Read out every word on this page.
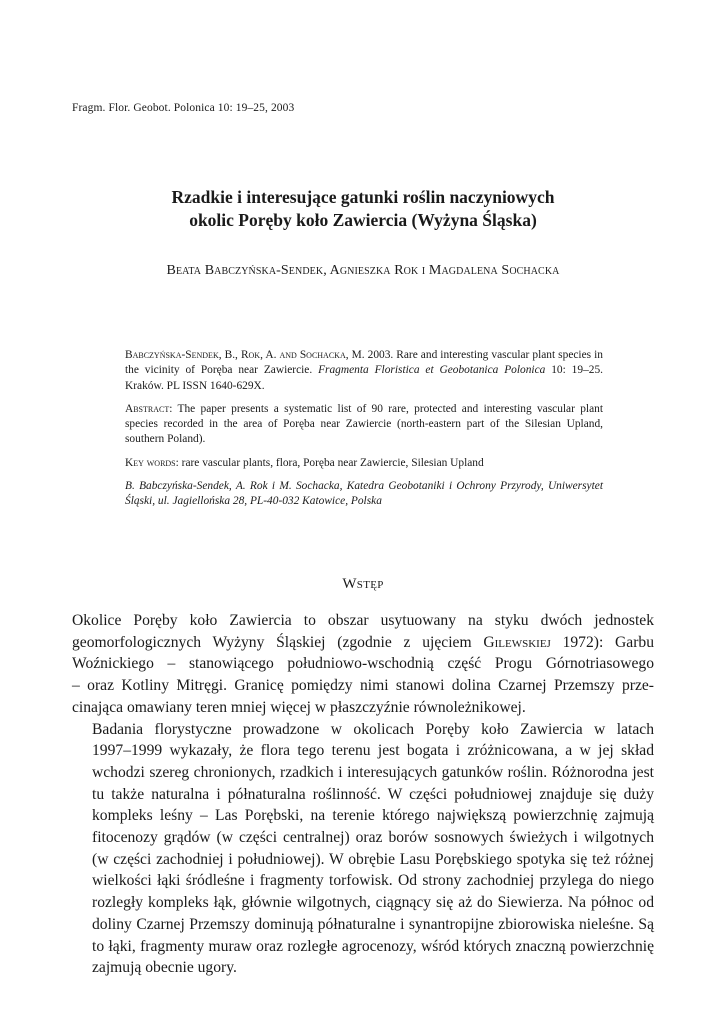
Fragm. Flor. Geobot. Polonica 10: 19–25, 2003
Rzadkie i interesujące gatunki roślin naczyniowych
okolic Poręby koło Zawiercia (Wyżyna Śląska)
Beata Babczyńska-Sendek, Agnieszka Rok i Magdalena Sochacka

Babczyńska-Sendek, B., Rok, A. and Sochacka, M. 2003. Rare and interesting vascular plant species in the vicinity of Poręba near Zawiercie. Fragmenta Floristica et Geobotanica Polonica 10: 19–25. Kraków. PL ISSN 1640-629X.

Abstract: The paper presents a systematic list of 90 rare, protected and interesting vascular plant species recorded in the area of Poręba near Zawiercie (north-eastern part of the Silesian Upland, southern Poland).

Key words: rare vascular plants, flora, Poręba near Zawiercie, Silesian Upland

B. Babczyńska-Sendek, A. Rok i M. Sochacka, Katedra Geobotaniki i Ochrony Przyrody, Uniwersytet Śląski, ul. Jagiellońska 28, PL-40-032 Katowice, Polska

Wstęp

Okolice Poręby koło Zawiercia to obszar usytuowany na styku dwóch jednostek
geomorfologicznych Wyżyny Śląskiej (zgodnie z ujęciem Gilewskiej 1972): Garbu
Woźnickiego – stanowiącego południowo-wschodnią część Progu Górnotriasowego
– oraz Kotliny Mitręgi. Granicę pomiędzy nimi stanowi dolina Czarnej Przemszy prze-
cinająca omawiany teren mniej więcej w płaszczyźnie równoleżnikowej.

Badania florystyczne prowadzone w okolicach Poręby koło Zawiercia w latach
1997–1999 wykazały, że flora tego terenu jest bogata i zróżnicowana, a w jej skład
wchodzi szereg chronionych, rzadkich i interesujących gatunków roślin. Różnorodna jest
tu także naturalna i półnaturalna roślinność. W części południowej znajduje się duży
kompleks leśny – Las Porębski, na terenie którego największą powierzchnię zajmują
fitocenozy grądów (w części centralnej) oraz borów sosnowych świeżych i wilgotnych
(w części zachodniej i południowej). W obrębie Lasu Porębskiego spotyka się też różnej
wielkości łąki śródleśne i fragmenty torfowisk. Od strony zachodniej przylega do niego
rozległy kompleks łąk, głównie wilgotnych, ciągnący się aż do Siewierza. Na północ od
doliny Czarnej Przemszy dominują półnaturalne i synantropijne zbiorowiska nieleśne. Są
to łąki, fragmenty muraw oraz rozległe agrocenozy, wśród których znaczną powierzchnię
zajmują obecnie ugory.
